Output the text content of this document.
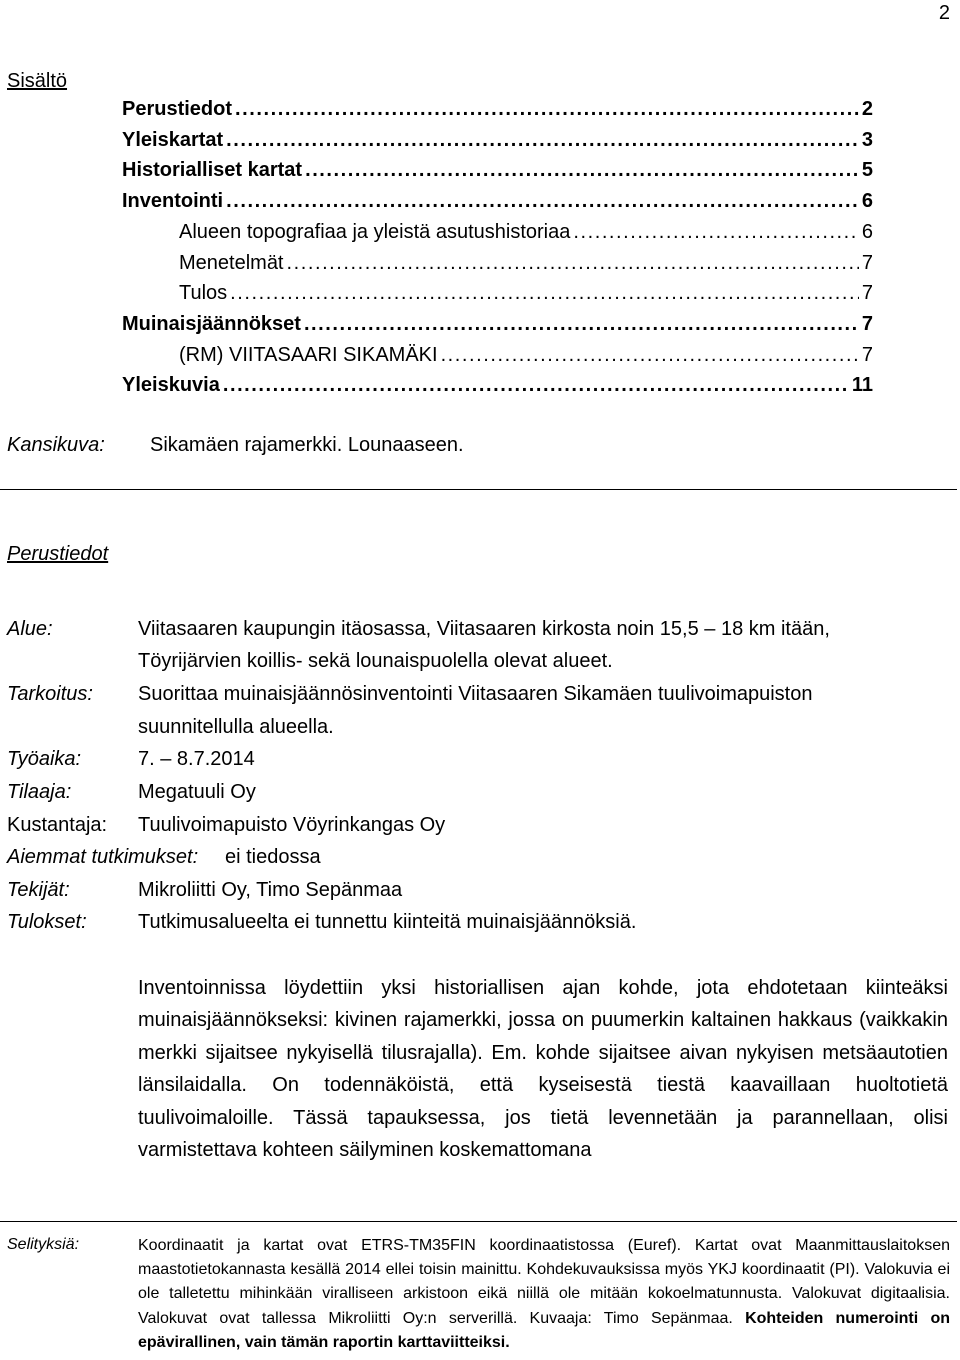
2
Sisältö
Perustiedot . . .	2
Yleiskartat . . .	3
Historialliset kartat . . .	5
Inventointi . . .	6
Alueen topografiaa ja yleistä asutushistoriaa . . .	6
Menetelmät . . .	7
Tulos . . .	7
Muinaisjäännökset . . .	7
(RM) VIITASAARI SIKAMÄKI . . .	7
Yleiskuvia . . .	11
Kansikuva: Sikamäen rajamerkki. Lounaaseen.
Perustiedot
Alue:	Viitasaaren kaupungin itäosassa, Viitasaaren kirkosta noin 15,5 – 18 km itään,
Töyrijärvien koillis- sekä lounaispuolella olevat alueet.
Tarkoitus: Suorittaa muinaisjäännösinventointi Viitasaaren Sikamäen tuulivoimapuiston
suunnitellulla alueella.
Työaika:	7. – 8.7.2014
Tilaaja:	Megatuuli Oy
Kustantaja: Tuulivoimapuisto Vöyrinkangas Oy
Aiemmat tutkimukset: ei tiedossa
Tekijät:	Mikroliitti Oy, Timo Sepänmaa
Tulokset:	Tutkimusalueelta ei tunnettu kiinteitä muinaisjäännöksiä.
Inventoinnissa löydettiin yksi historiallisen ajan kohde, jota ehdotetaan kiinteäksi muinaisjäännökseksi: kivinen rajamerkki, jossa on puumerkin kaltainen hakkaus (vaikkakin merkki sijaitsee nykyisellä tilusrajalla). Em. kohde sijaitsee aivan nykyisen metsäautotien länsilaidalla. On todennäköistä, että kyseisestä tiestä kaavaillaan huoltotietä tuulivoimaloille. Tässä tapauksessa, jos tietä levennetään ja parannellaan, olisi varmistettava kohteen säilyminen koskemattomana
Selityksiä:	Koordinaatit ja kartat ovat ETRS-TM35FIN koordinaatistossa (Euref). Kartat ovat Maanmittauslaitoksen maastotietokannasta kesällä 2014 ellei toisin mainittu. Kohdekuvauksissa myös YKJ koordinaatit (PI). Valokuvia ei ole talletettu mihinkään viralliseen arkistoon eikä niillä ole mitään kokoelmatunnusta. Valokuvat digitaalisia. Valokuvat ovat tallessa Mikroliitti Oy:n serverillä. Kuvaaja: Timo Sepänmaa. Kohteiden numerointi on epävirallinen, vain tämän raportin karttaviitteiksi.
